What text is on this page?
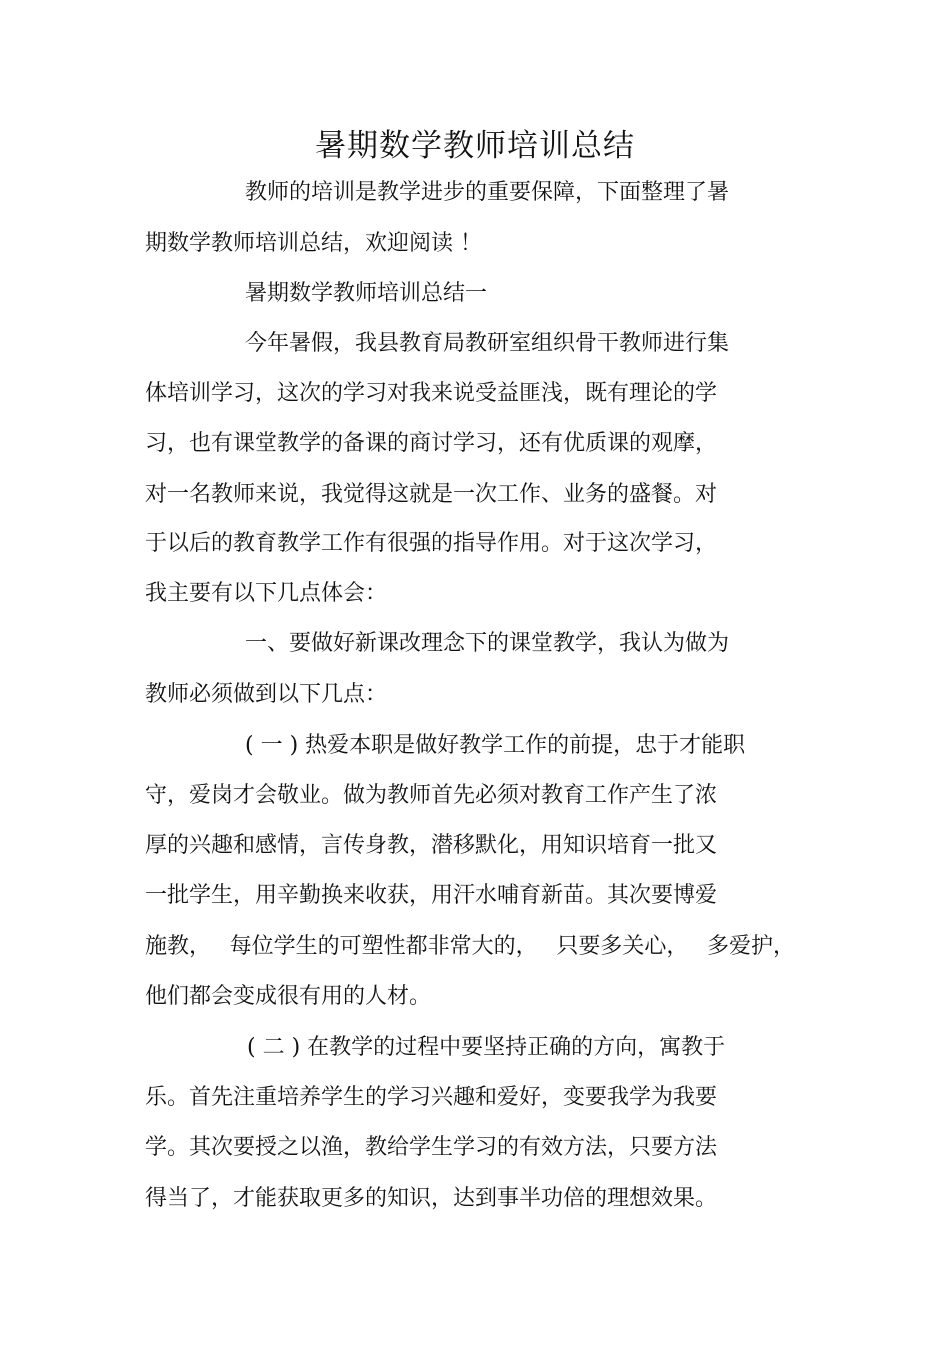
暑期数学教师培训总结
教师的培训是教学进步的重要保障，下面整理了暑
期数学教师培训总结，欢迎阅读 ！
暑期数学教师培训总结一
今年暑假，我县教育局教研室组织骨干教师进行集
体培训学习，这次的学习对我来说受益匪浅，既有理论的学
习，也有课堂教学的备课的商讨学习，还有优质课的观摩，
对一名教师来说，我觉得这就是一次工作、业务的盛餐。对
于以后的教育教学工作有很强的指导作用。对于这次学习，
我主要有以下几点体会：
一、要做好新课改理念下的课堂教学，我认为做为
教师必须做到以下几点：
( 一 ) 热爱本职是做好教学工作的前提，忠于才能职
守，爱岗才会敬业。做为教师首先必须对教育工作产生了浓
厚的兴趣和感情，言传身教，潜移默化，用知识培育一批又
一批学生，用辛勤换来收获，用汗水哺育新苗。其次要博爱
施教， 每位学生的可塑性都非常大的， 只要多关心， 多爱护，
他们都会变成很有用的人材。
( 二 ) 在教学的过程中要坚持正确的方向，寓教于
乐。首先注重培养学生的学习兴趣和爱好，变要我学为我要
学。其次要授之以渔，教给学生学习的有效方法，只要方法
得当了，才能获取更多的知识，达到事半功倍的理想效果。
